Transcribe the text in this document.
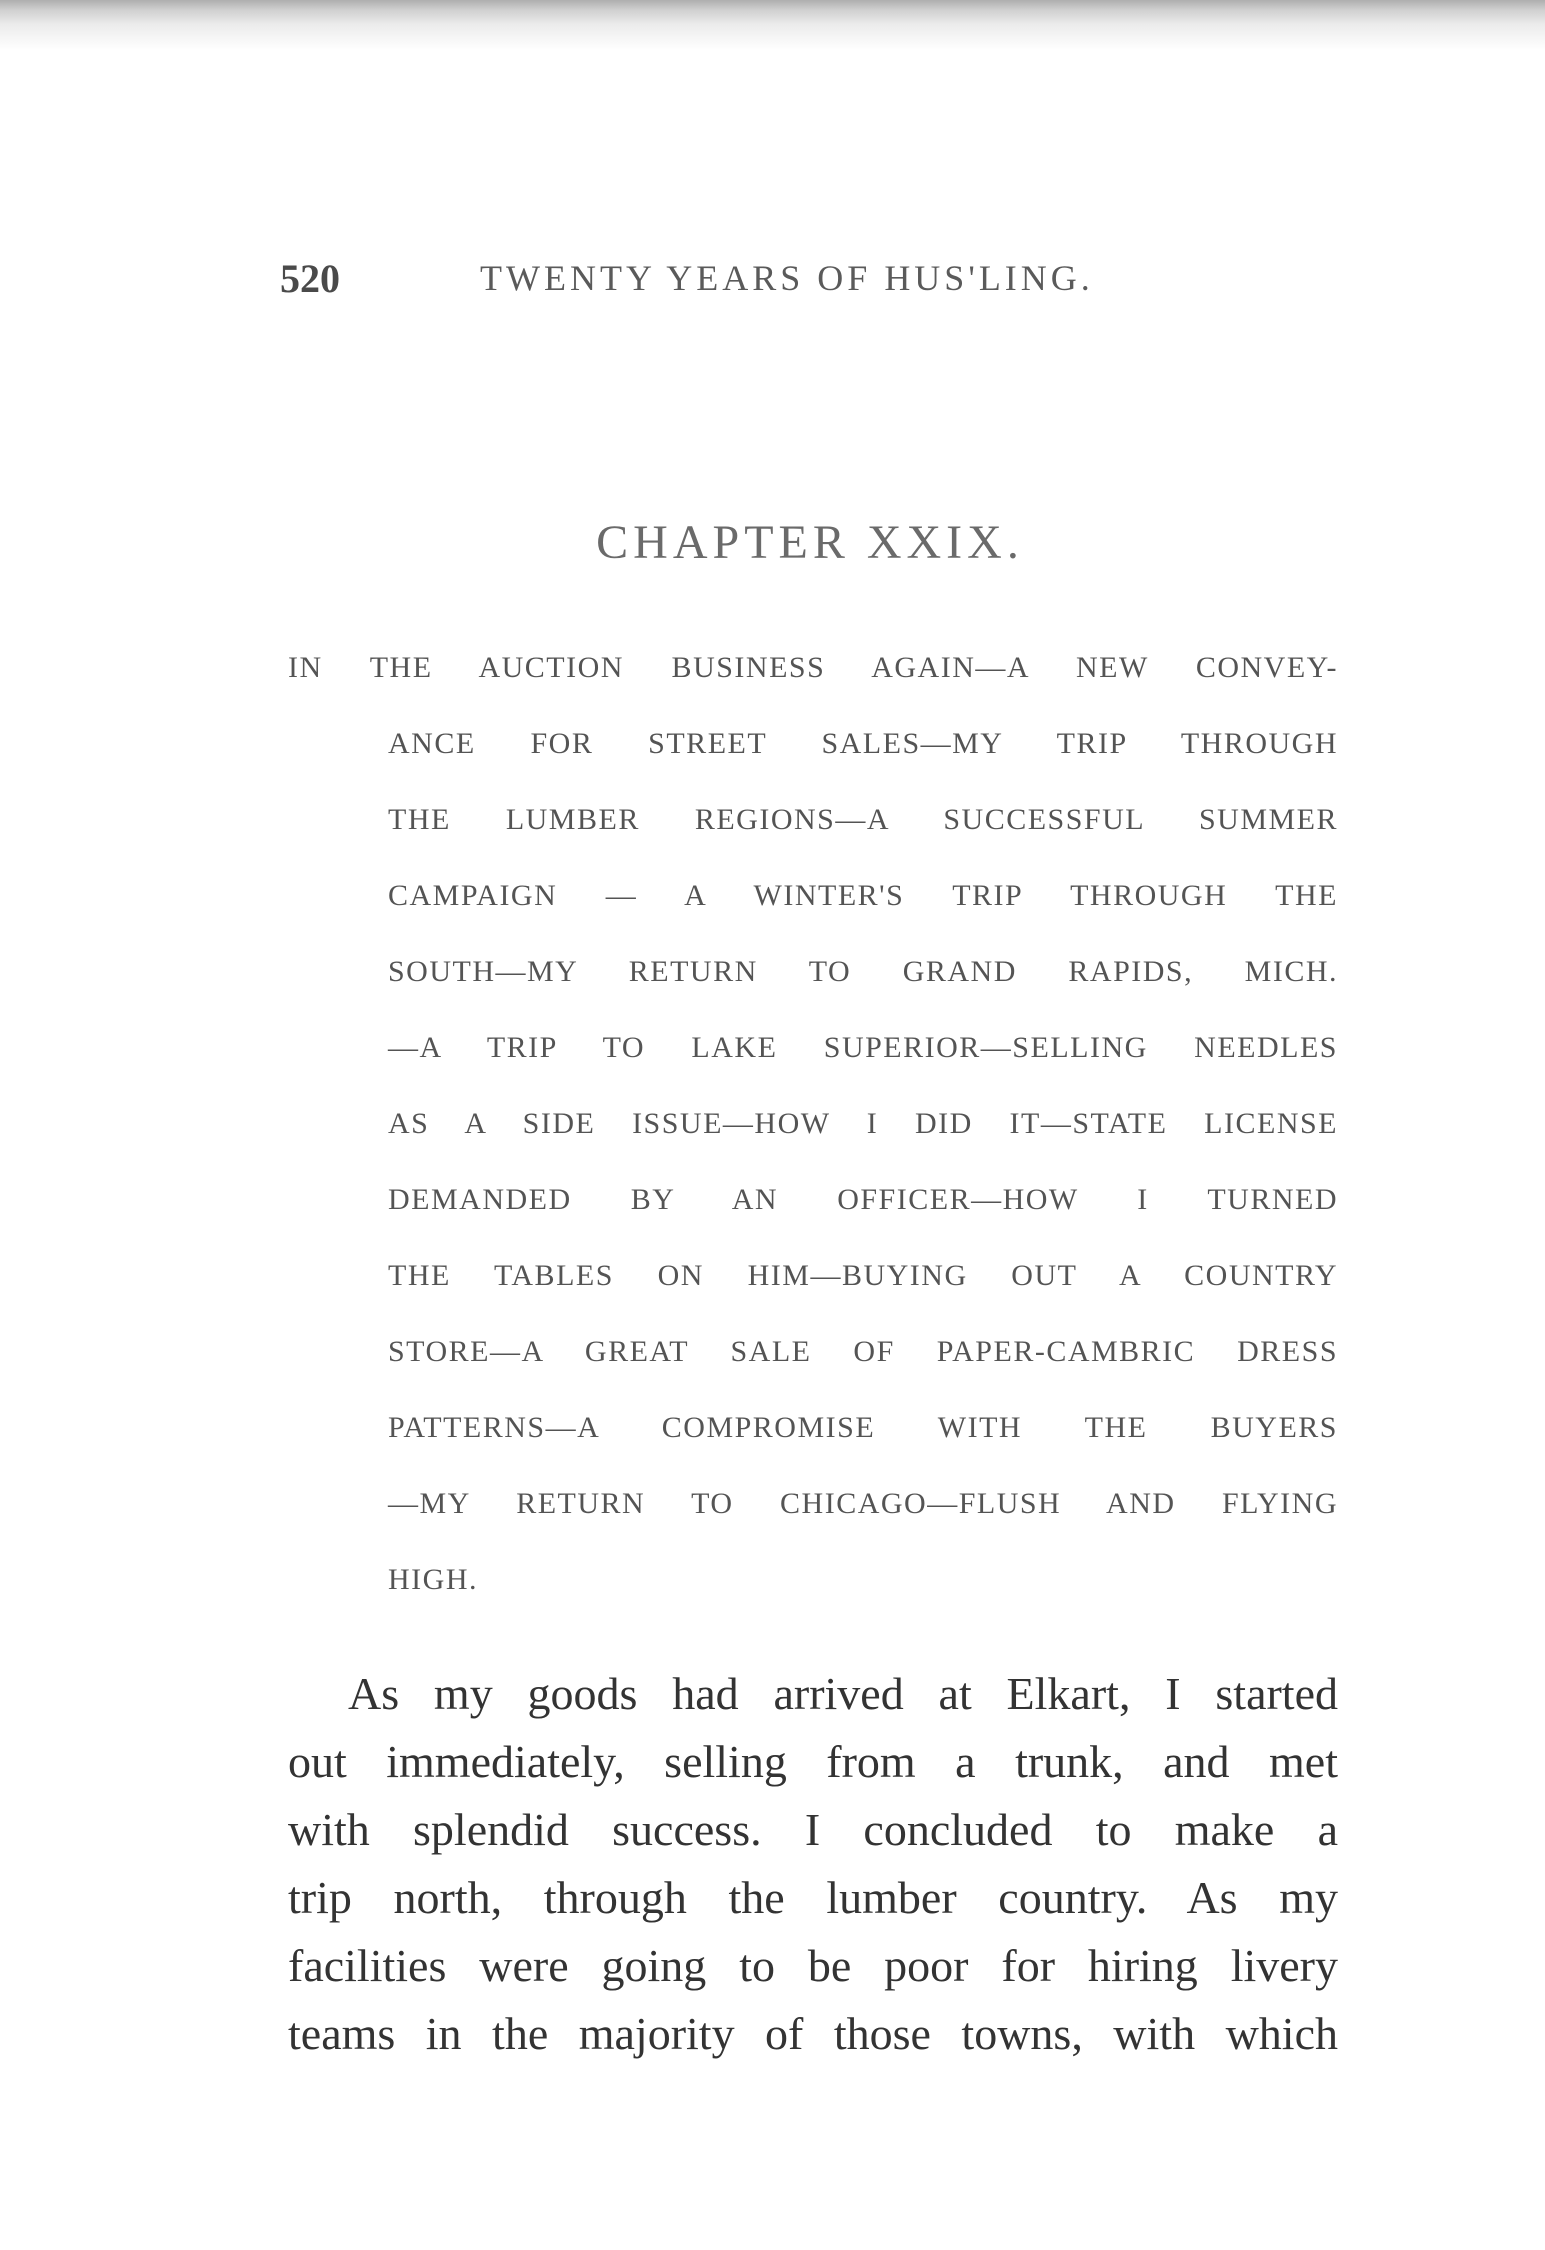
520	TWENTY YEARS OF HUS'LING.
CHAPTER XXIX.
IN THE AUCTION BUSINESS AGAIN—A NEW CONVEY-
ANCE FOR STREET SALES—MY TRIP THROUGH
THE LUMBER REGIONS—A SUCCESSFUL SUMMER
CAMPAIGN — A WINTER'S TRIP THROUGH THE
SOUTH—MY RETURN TO GRAND RAPIDS, MICH.
—A TRIP TO LAKE SUPERIOR—SELLING NEEDLES
AS A SIDE ISSUE—HOW I DID IT—STATE LICENSE
DEMANDED BY AN OFFICER—HOW I TURNED
THE TABLES ON HIM—BUYING OUT A COUNTRY
STORE—A GREAT SALE OF PAPER-CAMBRIC DRESS
PATTERNS—A COMPROMISE WITH THE BUYERS
—MY RETURN TO CHICAGO—FLUSH AND FLYING
HIGH.
As my goods had arrived at Elkart, I started
out immediately, selling from a trunk, and met
with splendid success. I concluded to make a
trip north, through the lumber country. As my
facilities were going to be poor for hiring livery
teams in the majority of those towns, with which
